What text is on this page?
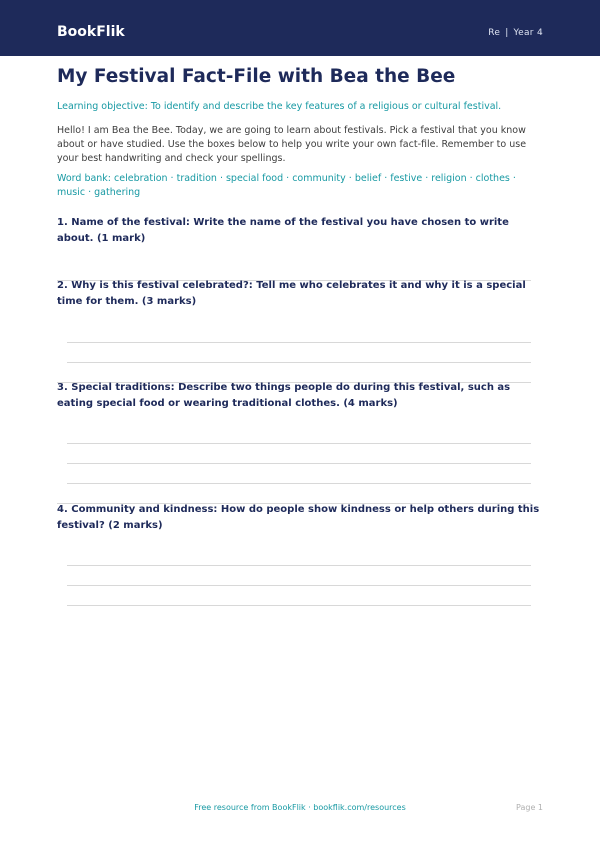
BookFlik	Re | Year 4
My Festival Fact-File with Bea the Bee

Learning objective: To identify and describe the key features of a religious or cultural festival.

Hello! I am Bea the Bee. Today, we are going to learn about festivals. Pick a festival that you know about or have studied. Use the boxes below to help you write your own fact-file. Remember to use your best handwriting and check your spellings.

Word bank: celebration · tradition · special food · community · belief · festive · religion · clothes · music · gathering

1. Name of the festival: Write the name of the festival you have chosen to write about. (1 mark)

2. Why is this festival celebrated?: Tell me who celebrates it and why it is a special time for them. (3 marks)

3. Special traditions: Describe two things people do during this festival, such as eating special food or wearing traditional clothes. (4 marks)

4. Community and kindness: How do people show kindness or help others during this festival? (2 marks)

Free resource from BookFlik · bookflik.com/resources	Page 1
